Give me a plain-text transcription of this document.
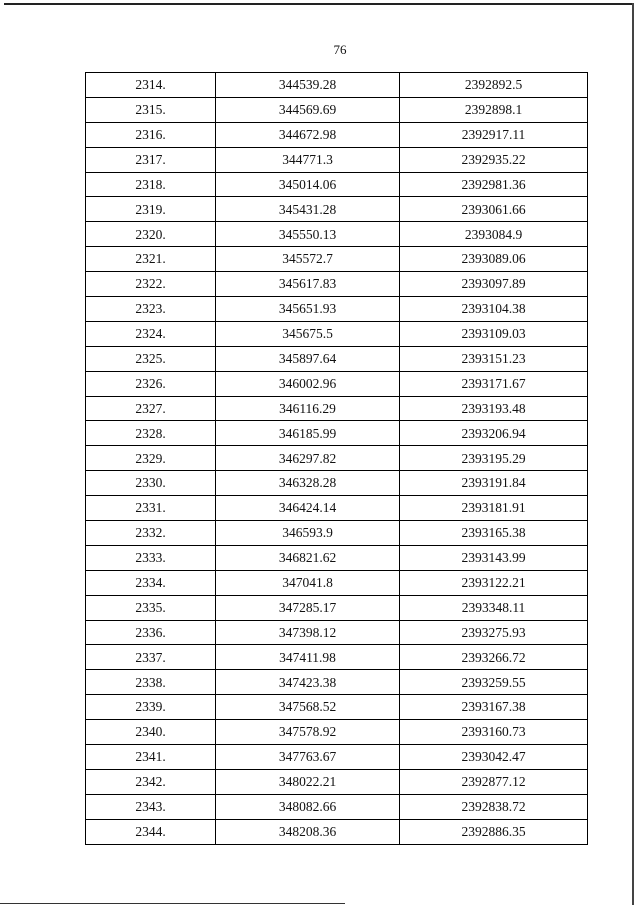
76
2314.	344539.28	2392892.5
2315.	344569.69	2392898.1
2316.	344672.98	2392917.11
2317.	344771.3	2392935.22
2318.	345014.06	2392981.36
2319.	345431.28	2393061.66
2320.	345550.13	2393084.9
2321.	345572.7	2393089.06
2322.	345617.83	2393097.89
2323.	345651.93	2393104.38
2324.	345675.5	2393109.03
2325.	345897.64	2393151.23
2326.	346002.96	2393171.67
2327.	346116.29	2393193.48
2328.	346185.99	2393206.94
2329.	346297.82	2393195.29
2330.	346328.28	2393191.84
2331.	346424.14	2393181.91
2332.	346593.9	2393165.38
2333.	346821.62	2393143.99
2334.	347041.8	2393122.21
2335.	347285.17	2393348.11
2336.	347398.12	2393275.93
2337.	347411.98	2393266.72
2338.	347423.38	2393259.55
2339.	347568.52	2393167.38
2340.	347578.92	2393160.73
2341.	347763.67	2393042.47
2342.	348022.21	2392877.12
2343.	348082.66	2392838.72
2344.	348208.36	2392886.35
